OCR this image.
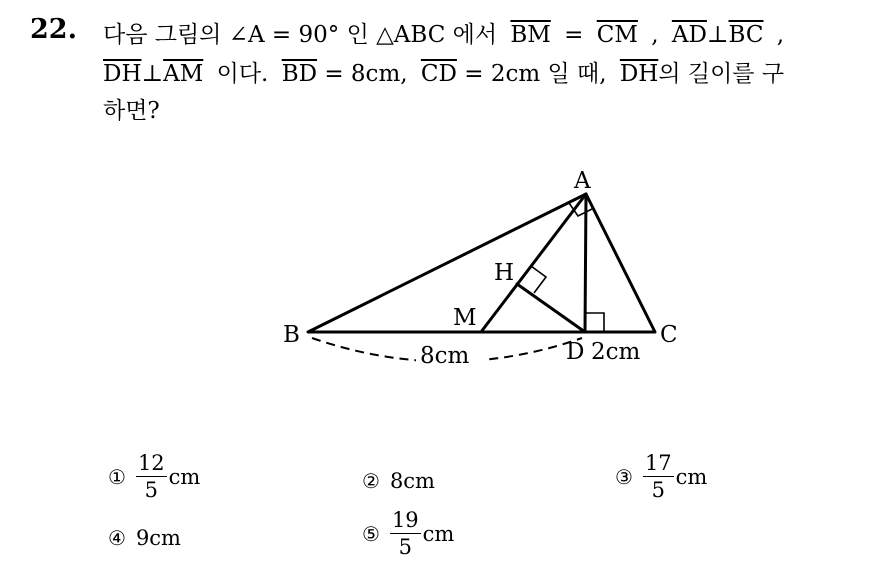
22. 다음 그림의 ∠A = 90° 인 △ABC 에서 $\overline{BM} = \overline{CM}$ , $\overline{AD}\perp\overline{BC}$ ,
$\overline{DH}\perp\overline{AM}$ 이다. $\overline{BD} = 8cm$, $\overline{CD} = 2cm$ 일 때, $\overline{DH}$의 길이를 구
하면?
A
B	C
D
M
H
8cm	2cm
① $\frac{12}{5}$ cm	② 8cm	③ $\frac{17}{5}$ cm
④ 9cm	⑤ $\frac{19}{5}$ cm
